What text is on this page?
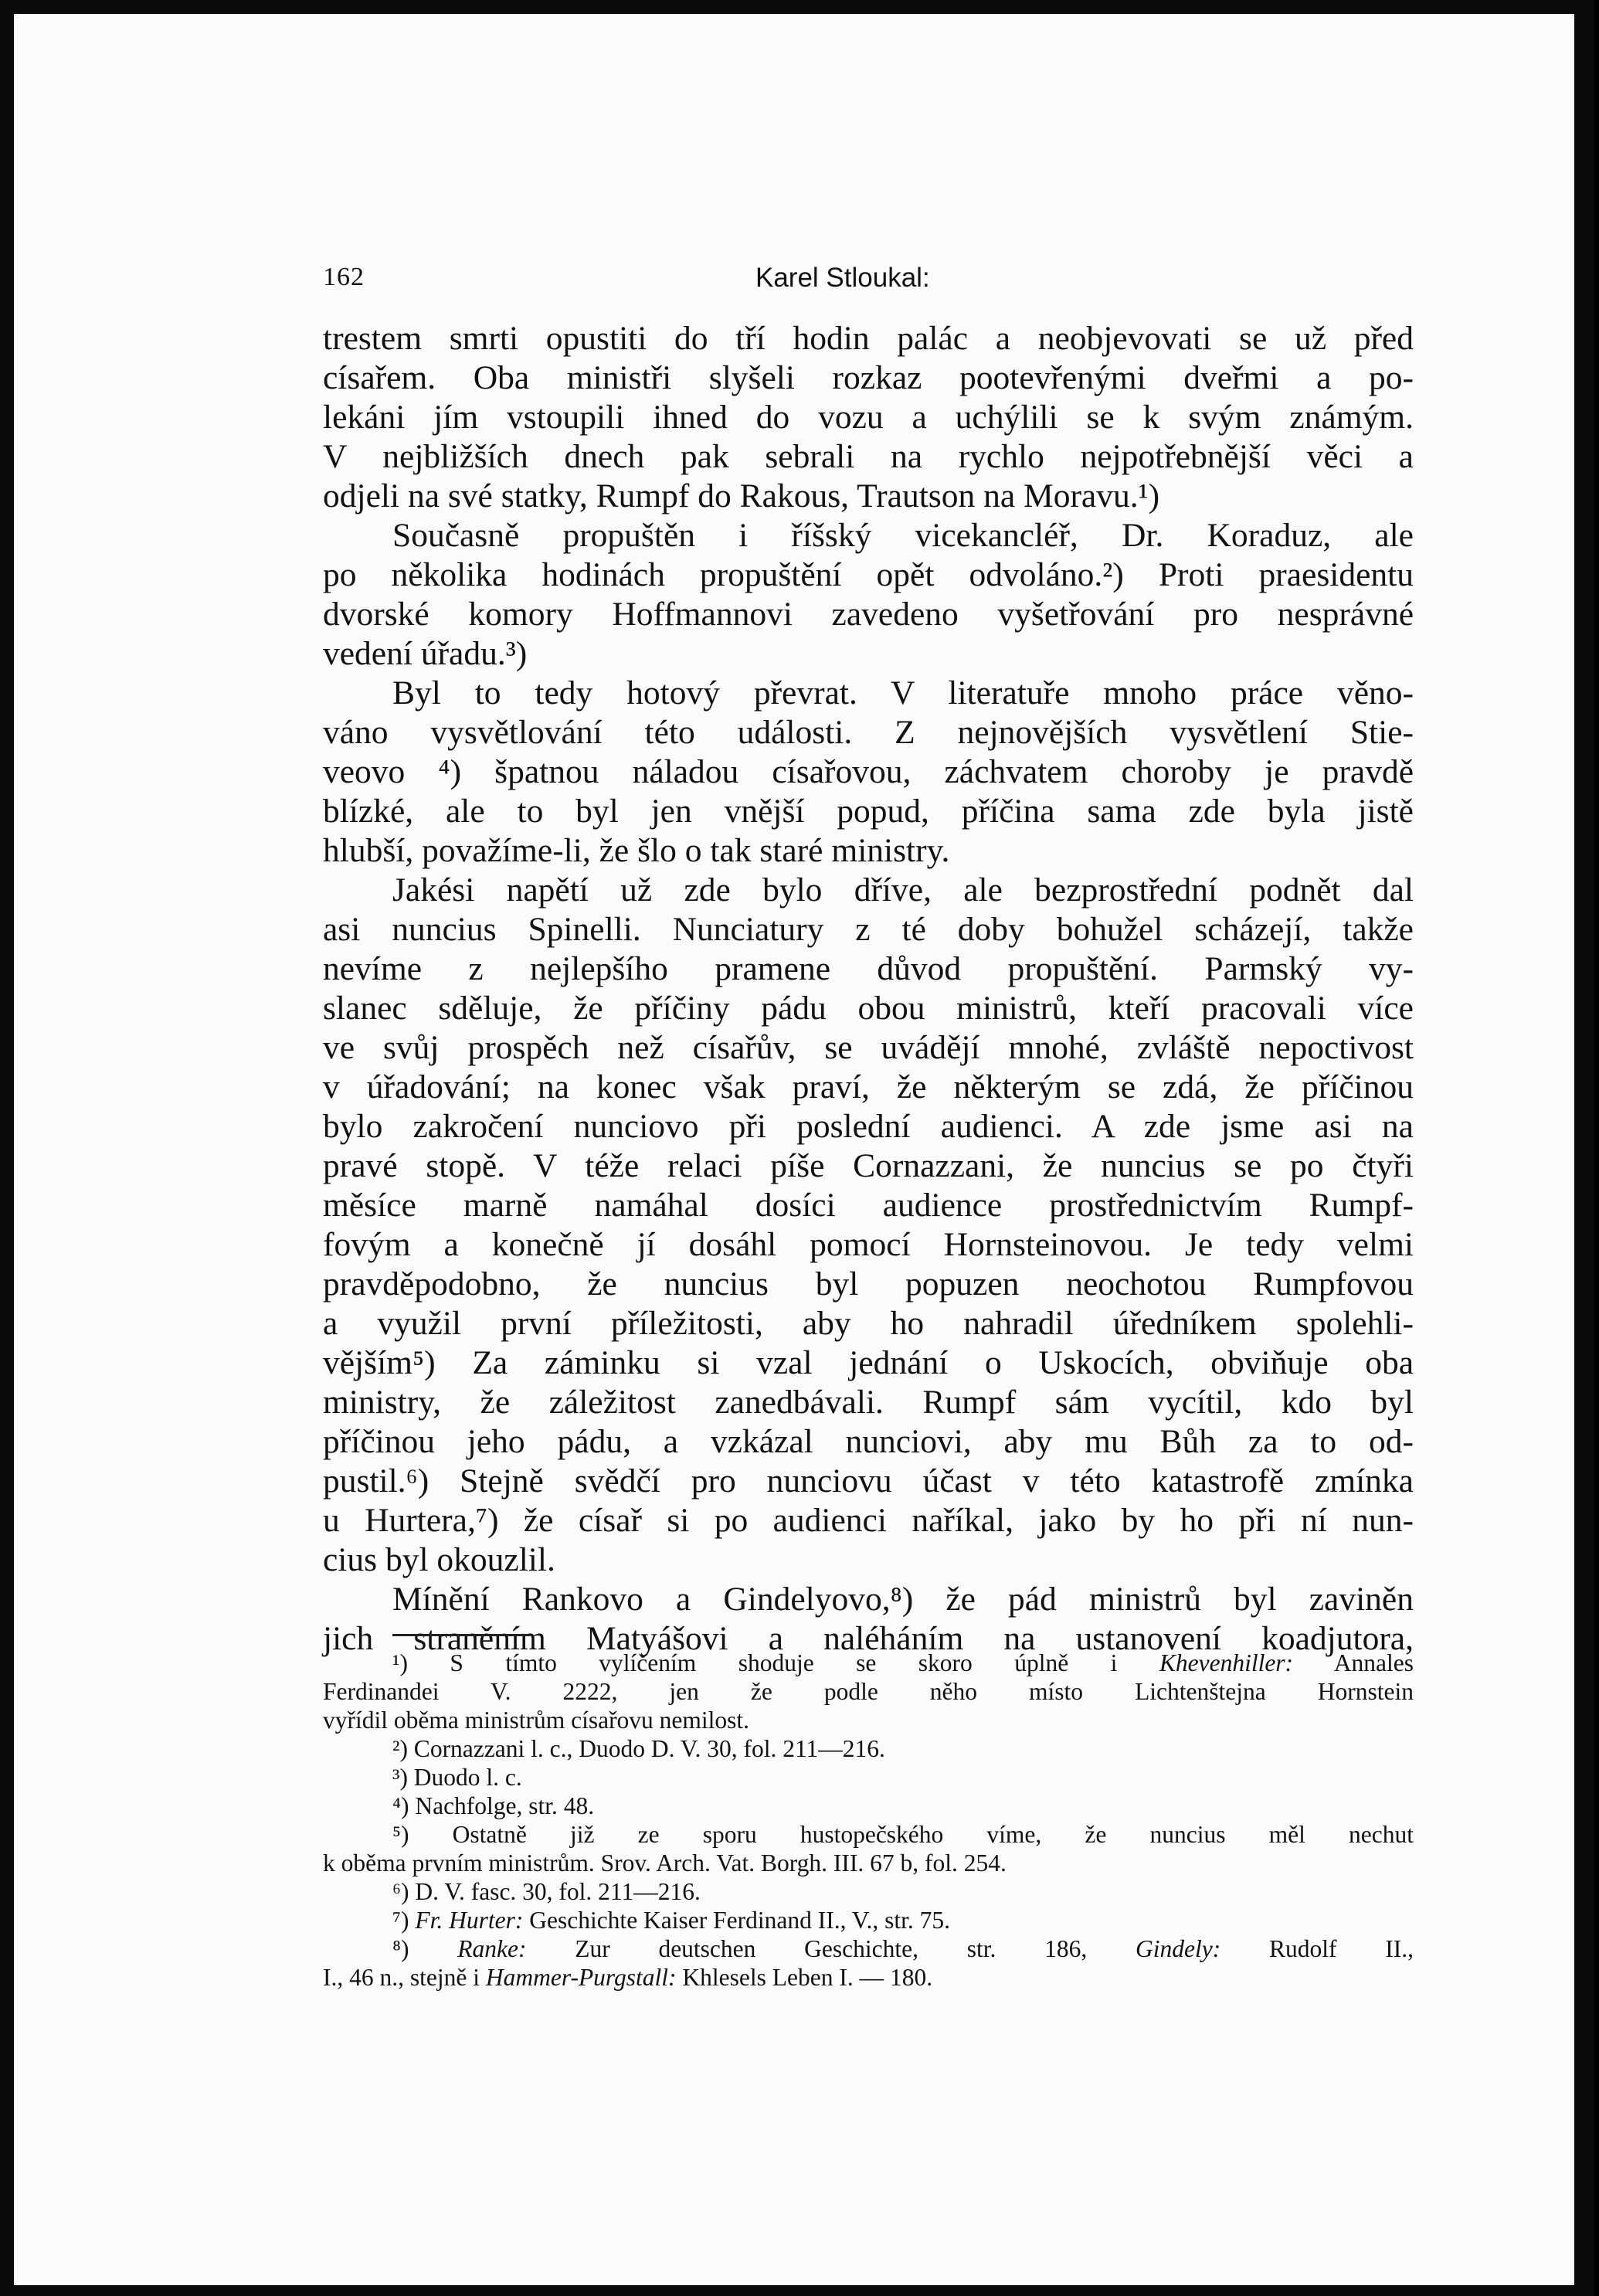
162	Karel Stloukal:
trestem smrti opustiti do tří hodin palác a neobjevovati se už před
císařem. Oba ministři slyšeli rozkaz pootevřenými dveřmi a po-
lekáni jím vstoupili ihned do vozu a uchýlili se k svým známým.
V nejbližších dnech pak sebrali na rychlo nejpotřebnější věci a
odjeli na své statky, Rumpf do Rakous, Trautson na Moravu.¹)
Současně propuštěn i říšský vicekancléř, Dr. Koraduz, ale
po několika hodinách propuštění opět odvoláno.²) Proti praesidentu
dvorské komory Hoffmannovi zavedeno vyšetřování pro nesprávné
vedení úřadu.³)
Byl to tedy hotový převrat. V literatuře mnoho práce věno-
váno vysvětlování této události. Z nejnovějších vysvětlení Stie-
veovo ⁴) špatnou náladou císařovou, záchvatem choroby je pravdě
blízké, ale to byl jen vnější popud, příčina sama zde byla jistě
hlubší, považíme-li, že šlo o tak staré ministry.
Jakési napětí už zde bylo dříve, ale bezprostřední podnět dal
asi nuncius Spinelli. Nunciatury z té doby bohužel scházejí, takže
nevíme z nejlepšího pramene důvod propuštění. Parmský vy-
slanec sděluje, že příčiny pádu obou ministrů, kteří pracovali více
ve svůj prospěch než císařův, se uvádějí mnohé, zvláště nepoctivost
v úřadování; na konec však praví, že některým se zdá, že příčinou
bylo zakročení nunciovo při poslední audienci. A zde jsme asi na
pravé stopě. V téže relaci píše Cornazzani, že nuncius se po čtyři
měsíce marně namáhal dosíci audience prostřednictvím Rumpf-
fovým a konečně jí dosáhl pomocí Hornsteinovou. Je tedy velmi
pravděpodobno, že nuncius byl popuzen neochotou Rumpfovou
a využil první příležitosti, aby ho nahradil úředníkem spolehli-
vějším⁵) Za záminku si vzal jednání o Uskocích, obviňuje oba
ministry, že záležitost zanedbávali. Rumpf sám vycítil, kdo byl
příčinou jeho pádu, a vzkázal nunciovi, aby mu Bůh za to od-
pustil.⁶) Stejně svědčí pro nunciovu účast v této katastrofě zmínka
u Hurtera,⁷) že císař si po audienci naříkal, jako by ho při ní nun-
cius byl okouzlil.
Mínění Rankovo a Gindelyovo,⁸) že pád ministrů byl zaviněn
jich straněním Matyášovi a naléháním na ustanovení koadjutora,
¹) S tímto vylíčením shoduje se skoro úplně i Khevenhiller: Annales
Ferdinandei V. 2222, jen že podle něho místo Lichtenštejna Hornstein
vyřídil oběma ministrům císařovu nemilost.
²) Cornazzani l. c., Duodo D. V. 30, fol. 211—216.
³) Duodo l. c.
⁴) Nachfolge, str. 48.
⁵) Ostatně již ze sporu hustopečského víme, že nuncius měl nechut
k oběma prvním ministrům. Srov. Arch. Vat. Borgh. III. 67 b, fol. 254.
⁶) D. V. fasc. 30, fol. 211—216.
⁷) Fr. Hurter: Geschichte Kaiser Ferdinand II., V., str. 75.
⁸) Ranke: Zur deutschen Geschichte, str. 186, Gindely: Rudolf II.,
I., 46 n., stejně i Hammer-Purgstall: Khlesels Leben I. — 180.
